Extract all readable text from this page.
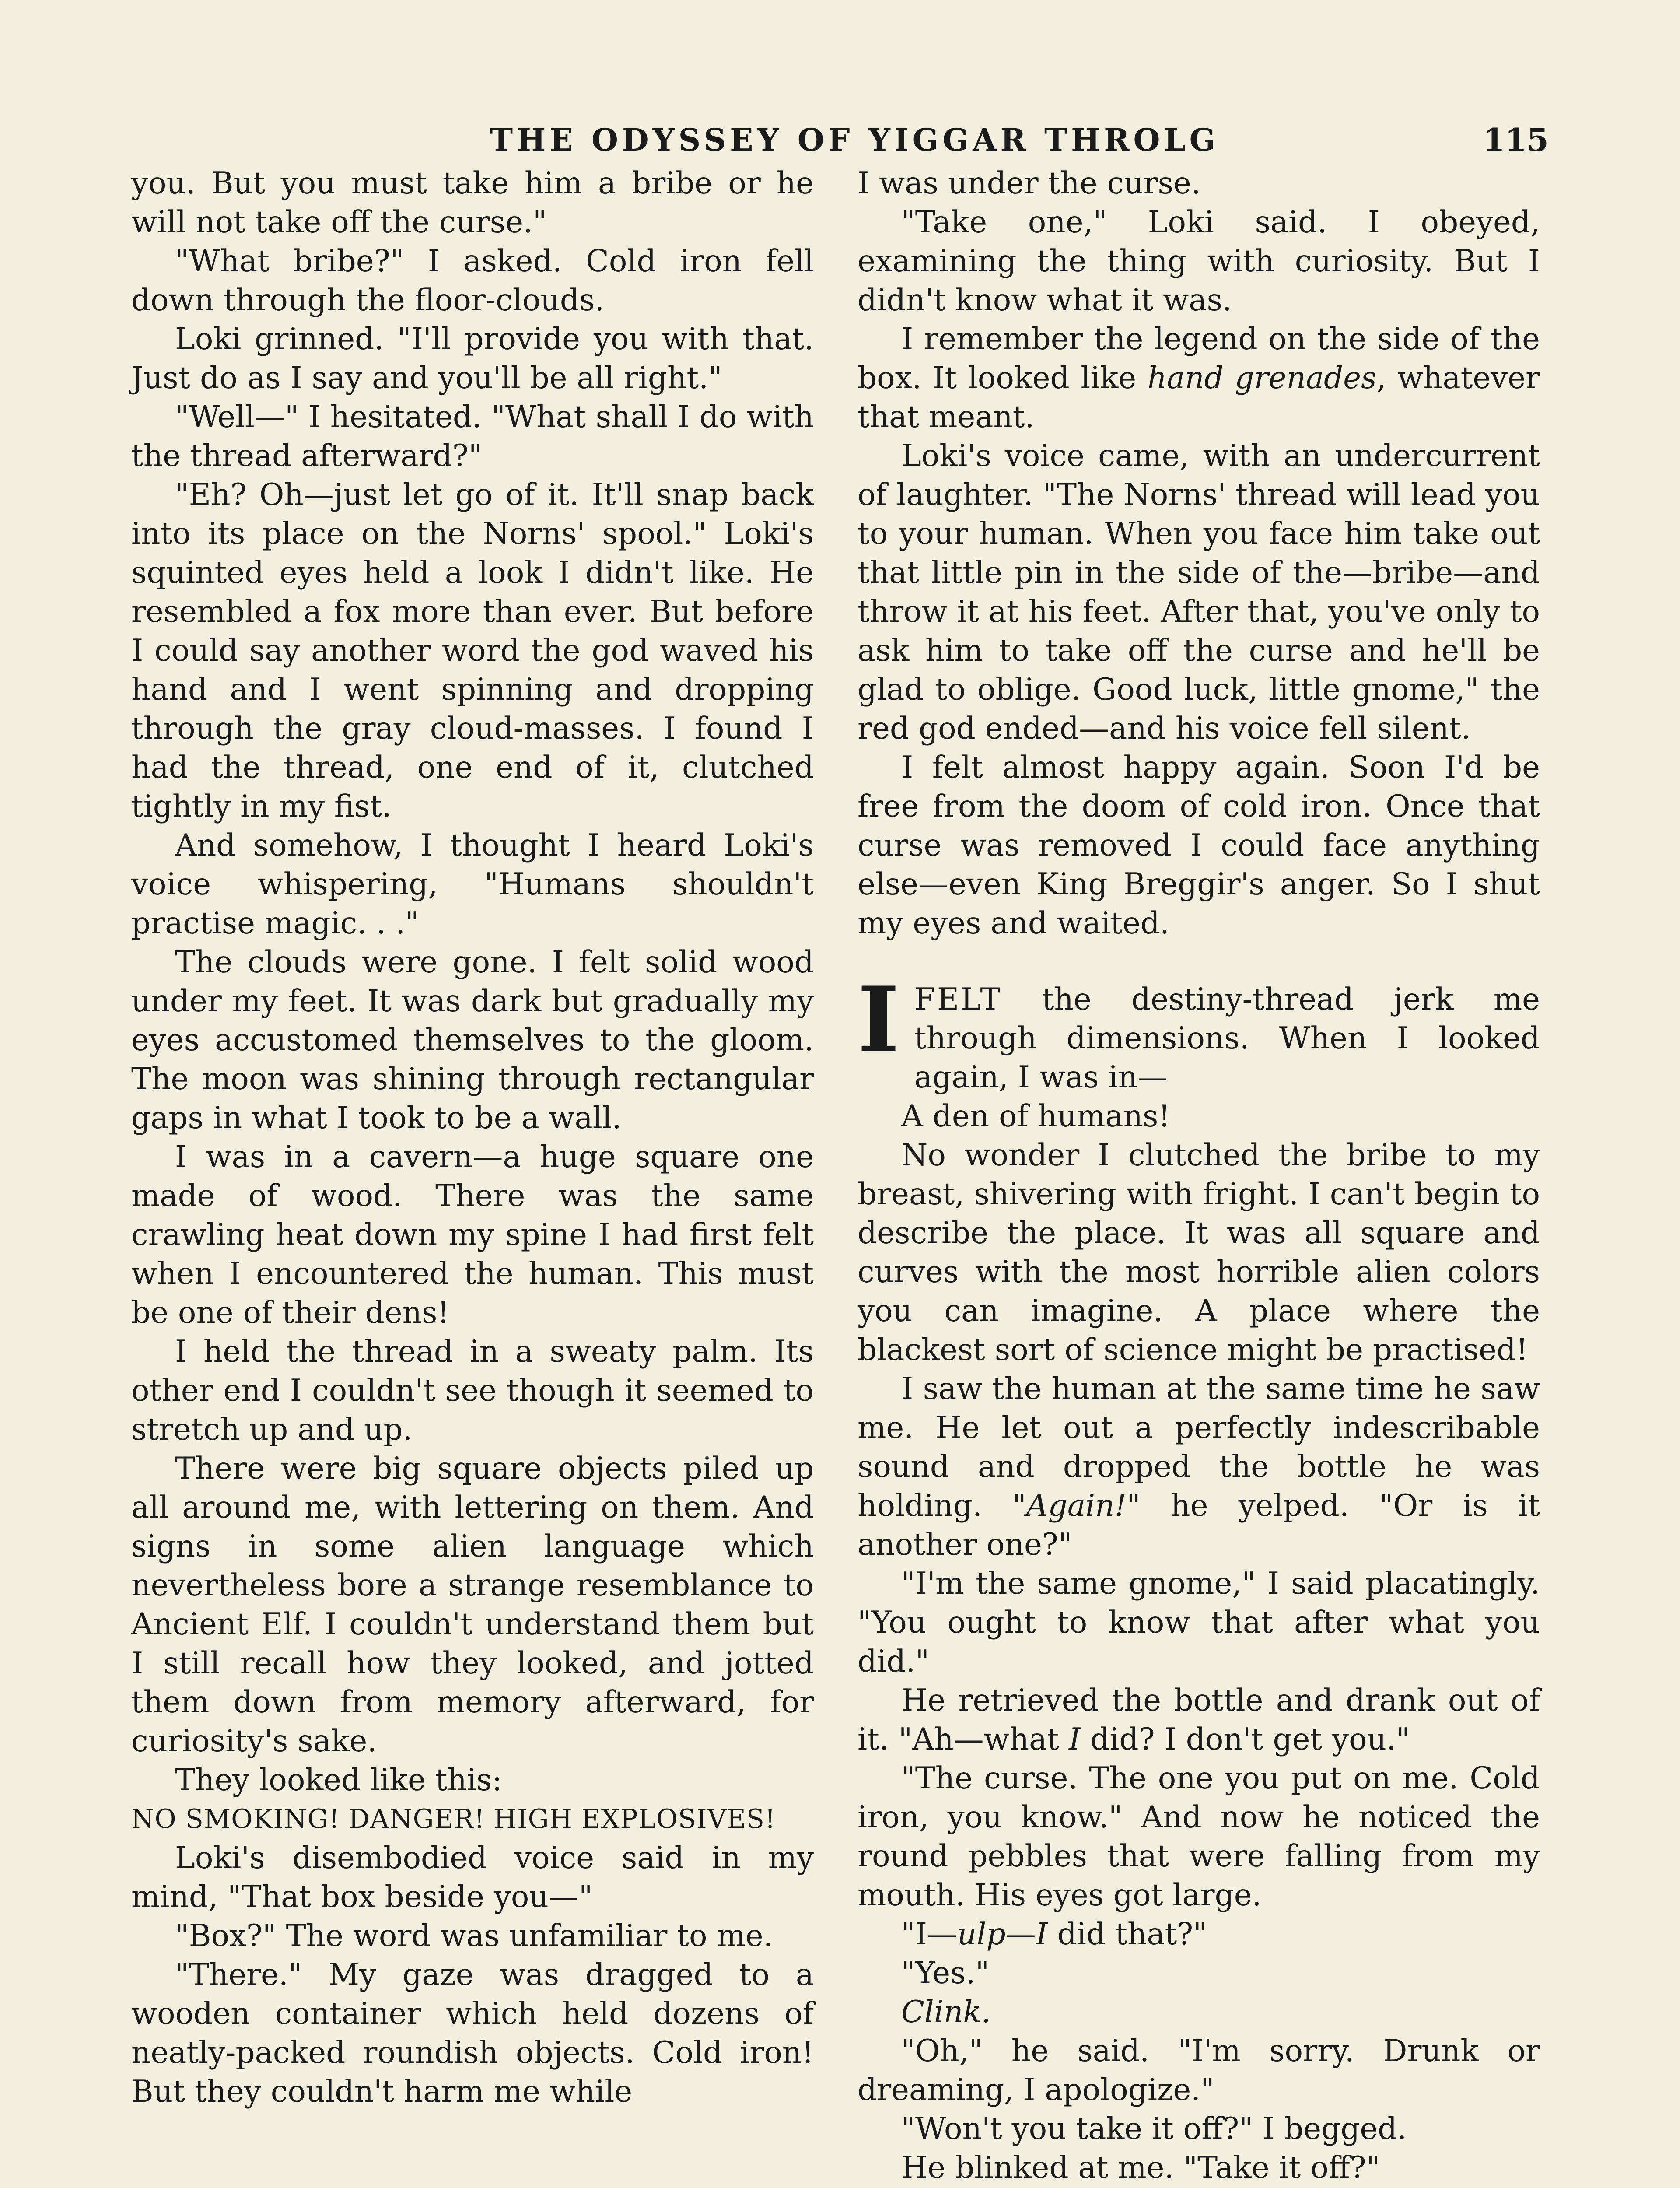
THE ODYSSEY OF YIGGAR THROLG	115

you. But you must take him a bribe or he will not take off the curse."

"What bribe?" I asked. Cold iron fell down through the floor-clouds.

Loki grinned. "I'll provide you with that. Just do as I say and you'll be all right."

"Well—" I hesitated. "What shall I do with the thread afterward?"

"Eh? Oh—just let go of it. It'll snap back into its place on the Norns' spool." Loki's squinted eyes held a look I didn't like. He resembled a fox more than ever. But before I could say another word the god waved his hand and I went spinning and dropping through the gray cloud-masses. I found I had the thread, one end of it, clutched tightly in my fist.

And somehow, I thought I heard Loki's voice whispering, "Humans shouldn't practise magic. . ."

The clouds were gone. I felt solid wood under my feet. It was dark but gradually my eyes accustomed themselves to the gloom. The moon was shining through rectangular gaps in what I took to be a wall.

I was in a cavern—a huge square one made of wood. There was the same crawling heat down my spine I had first felt when I encountered the human. This must be one of their dens!

I held the thread in a sweaty palm. Its other end I couldn't see though it seemed to stretch up and up.

There were big square objects piled up all around me, with lettering on them. And signs in some alien language which nevertheless bore a strange resemblance to Ancient Elf. I couldn't understand them but I still recall how they looked, and jotted them down from memory afterward, for curiosity's sake.

They looked like this:

NO SMOKING! DANGER! HIGH EXPLOSIVES!

Loki's disembodied voice said in my mind, "That box beside you—"

"Box?" The word was unfamiliar to me.

"There." My gaze was dragged to a wooden container which held dozens of neatly-packed roundish objects. Cold iron! But they couldn't harm me while

I was under the curse.

"Take one," Loki said. I obeyed, examining the thing with curiosity. But I didn't know what it was.

I remember the legend on the side of the box. It looked like hand grenades, whatever that meant.

Loki's voice came, with an undercurrent of laughter. "The Norns' thread will lead you to your human. When you face him take out that little pin in the side of the—bribe—and throw it at his feet. After that, you've only to ask him to take off the curse and he'll be glad to oblige. Good luck, little gnome," the red god ended—and his voice fell silent.

I felt almost happy again. Soon I'd be free from the doom of cold iron. Once that curse was removed I could face anything else—even King Breggir's anger. So I shut my eyes and waited.

I FELT the destiny-thread jerk me through dimensions. When I looked again, I was in—

A den of humans!

No wonder I clutched the bribe to my breast, shivering with fright. I can't begin to describe the place. It was all square and curves with the most horrible alien colors you can imagine. A place where the blackest sort of science might be practised!

I saw the human at the same time he saw me. He let out a perfectly indescribable sound and dropped the bottle he was holding. "Again!" he yelped. "Or is it another one?"

"I'm the same gnome," I said placatingly. "You ought to know that after what you did."

He retrieved the bottle and drank out of it. "Ah—what I did? I don't get you."

"The curse. The one you put on me. Cold iron, you know." And now he noticed the round pebbles that were falling from my mouth. His eyes got large.

"I—ulp—I did that?"

"Yes."

Clink.

"Oh," he said. "I'm sorry. Drunk or dreaming, I apologize."

"Won't you take it off?" I begged.

He blinked at me. "Take it off?"
